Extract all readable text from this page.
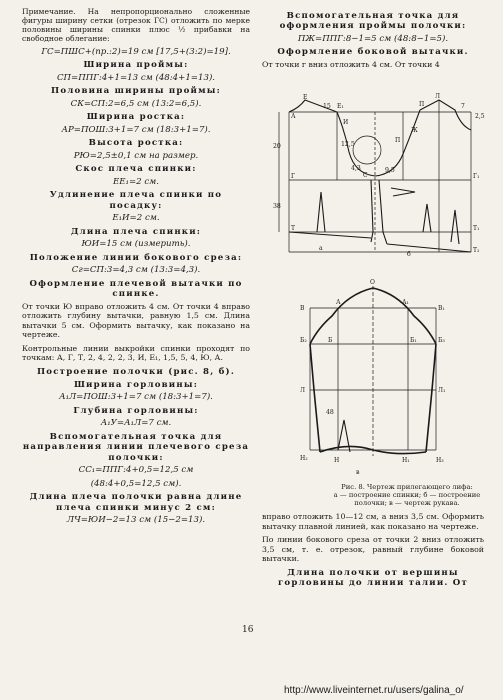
Примечание. На непропорционально сложенные фигуры ширину сетки (отрезок ГС) отложить по мерке половины ширины спинки плюс ½ прибавки на свободное облегание:
ГС=ПШС+(пр.:2)=19 см [17,5+(3:2)=19].
Ширина проймы:
СП=ППГ:4+1=13 см (48:4+1=13).
Половина ширины проймы:
СК=СП:2=6,5 см (13:2=6,5).
Ширина ростка:
АР=ПОШ:3+1=7 см (18:3+1=7).
Высота ростка:
РЮ=2,5±0,1 см на размер.
Скос плеча спинки:
ЕЕ₁=2 см.
Удлинение плеча спинки по посадку:
Е₁И=2 см.
Длина плеча спинки:
ЮИ=15 см (измерить).
Положение линии бокового среза:
Сг=СП:3=4,3 см (13:3=4,3).
Оформление плечевой вытачки по спинке.
От точки Ю вправо отложить 4 см. От точки 4 вправо отложить глубину вытачки, равную 1,5 см. Длина вытачки 5 см. Оформить вытачку, как показано на чертеже.
Контрольные линии выкройки спинки проходят по точкам: А, Г, Т, 2, 4, 2, 2, 3, И, Е₁, 1,5, 5, 4, Ю, А.
Построение полочки (рис. 8, б).
Ширина горловины:
А₁Л=ПОШ:3+1=7 см (18:3+1=7).
Глубина горловины:
А₁У=А₁Л=7 см.
Вспомогательная точка для направления линии плечевого среза полочки:
СС₁=ППГ:4+0,5=12,5 см
(48:4+0,5=12,5 см).
Длина плеча полочки равна длине плеча спинки минус 2 см:
ЛЧ=ЮИ−2=13 см (15−2=13).
Вспомогательная точка для оформления проймы полочки:
ПЖ=ППГ:8−1=5 см (48:8−1=5).
Оформление боковой вытачки.
От точки г вниз отложить 4 см. От точки 4
А
Е
Е₁	П
Л
7
2,5
Г	С	Г₁
Т	Т₁
Т₂
И
П
Ж
20
38
15
4,3	9,5
12,5
а
б
О
А	А₁
В	В₁
Б₂	Б₃
Б	Б₁
Л	Л₁
Н₂	Н	Н₁	Н₃
48
в
Рис. 8. Чертеж прилегающего лифа:
а — построение спинки; б — построение полочки; в — чертеж рукава.
вправо отложить 10—12 см, а вниз 3,5 см. Оформить вытачку плавной линией, как показано на чертеже.
По линии бокового среза от точки 2 вниз отложить 3,5 см, т. е. отрезок, равный глубине боковой вытачки.
Длина полочки от вершины горловины до линии талии. От
16
http://www.liveinternet.ru/users/galina_o/
